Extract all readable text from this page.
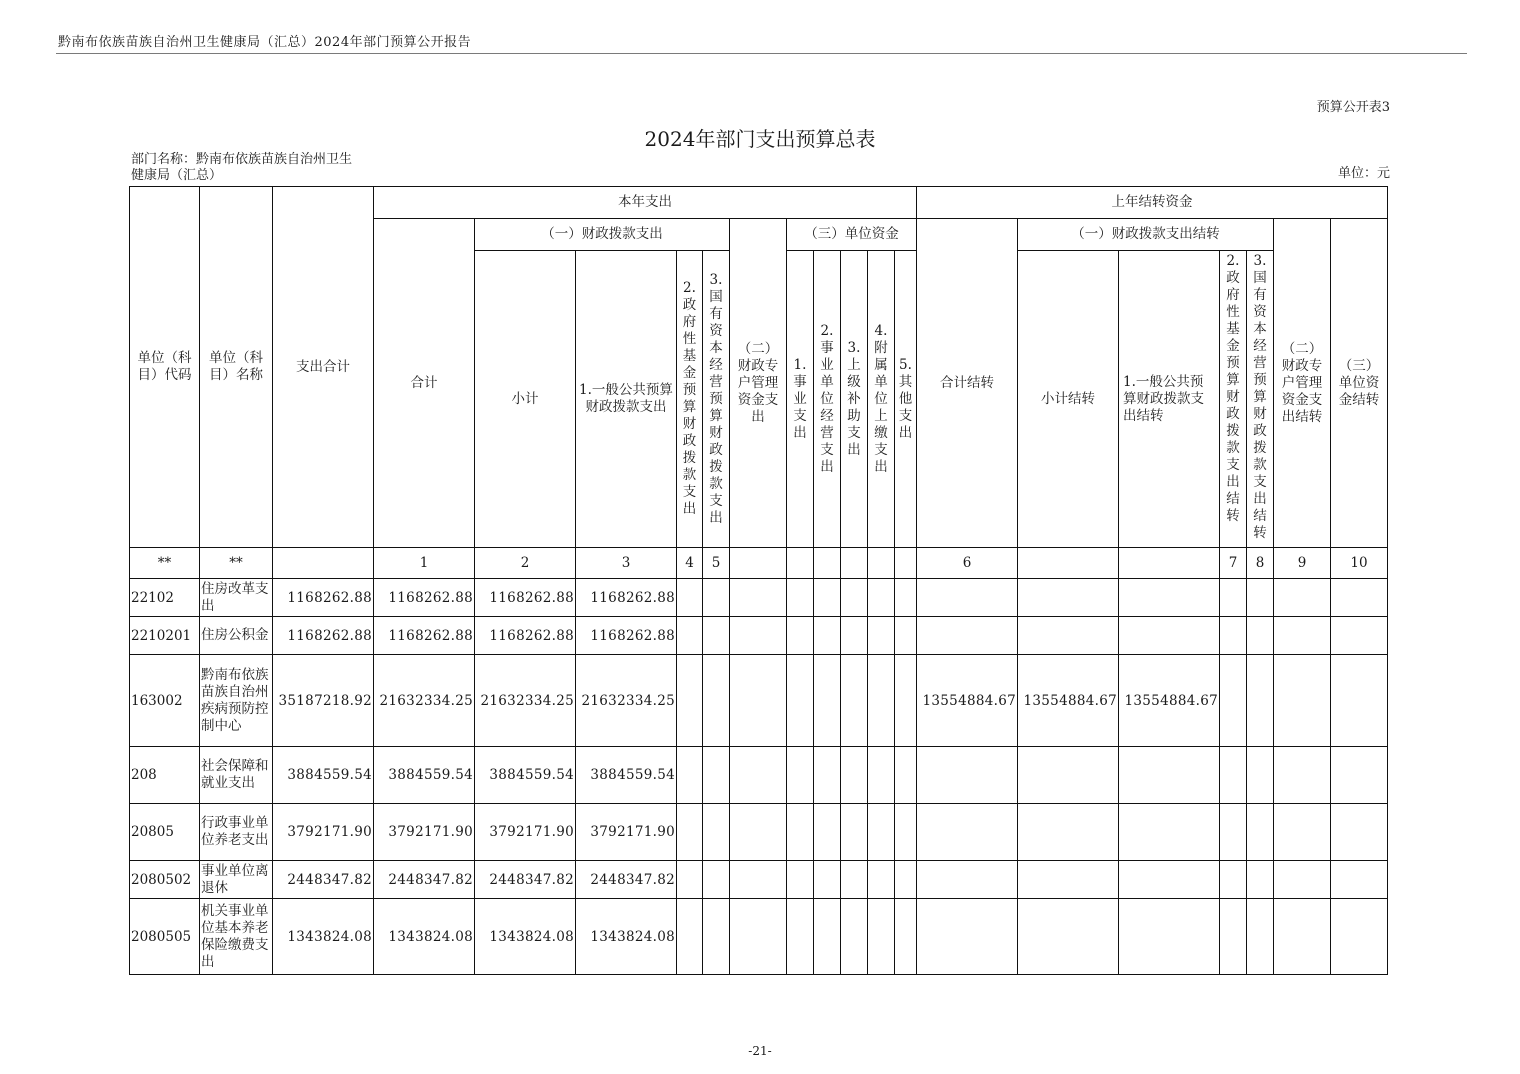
黔南布依族苗族自治州卫生健康局（汇总）2024年部门预算公开报告
预算公开表3
2024年部门支出预算总表
部门名称：黔南布依族苗族自治州卫生
健康局（汇总）	单位：元
单位（科目）代码	单位（科目）名称	支出合计	本年支出											上年结转资金						
			合计	（一）财政拨款支出				（二）财政专户管理资金支出	（三）单位资金					合计结转	（一）财政拨款支出结转				（二）财政专户管理资金支出结转	（三）单位资金结转
				小计	1.一般公共预算财政拨款支出	2.政府性基金预算财政拨款支出	3.国有资本经营预算财政拨款支出		1.事业支出	2.事业单位经营支出	3.上级补助支出	4.附属单位上缴支出	5.其他支出		小计结转	1.一般公共预算财政拨款支出结转	2.政府性基金预算财政拨款支出结转	3.国有资本经营预算财政拨款支出结转		
**	**		1	2	3	4	5							6			7	8	9	10
22102	住房改革支出	1168262.88	1168262.88	1168262.88	1168262.88															
2210201	住房公积金	1168262.88	1168262.88	1168262.88	1168262.88															
163002	黔南布依族苗族自治州疾病预防控制中心	35187218.92	21632334.25	21632334.25	21632334.25									13554884.67	13554884.67	13554884.67				
208	社会保障和就业支出	3884559.54	3884559.54	3884559.54	3884559.54															
20805	行政事业单位养老支出	3792171.90	3792171.90	3792171.90	3792171.90															
2080502	事业单位离退休	2448347.82	2448347.82	2448347.82	2448347.82															
2080505	机关事业单位基本养老保险缴费支出	1343824.08	1343824.08	1343824.08	1343824.08															
-21-
